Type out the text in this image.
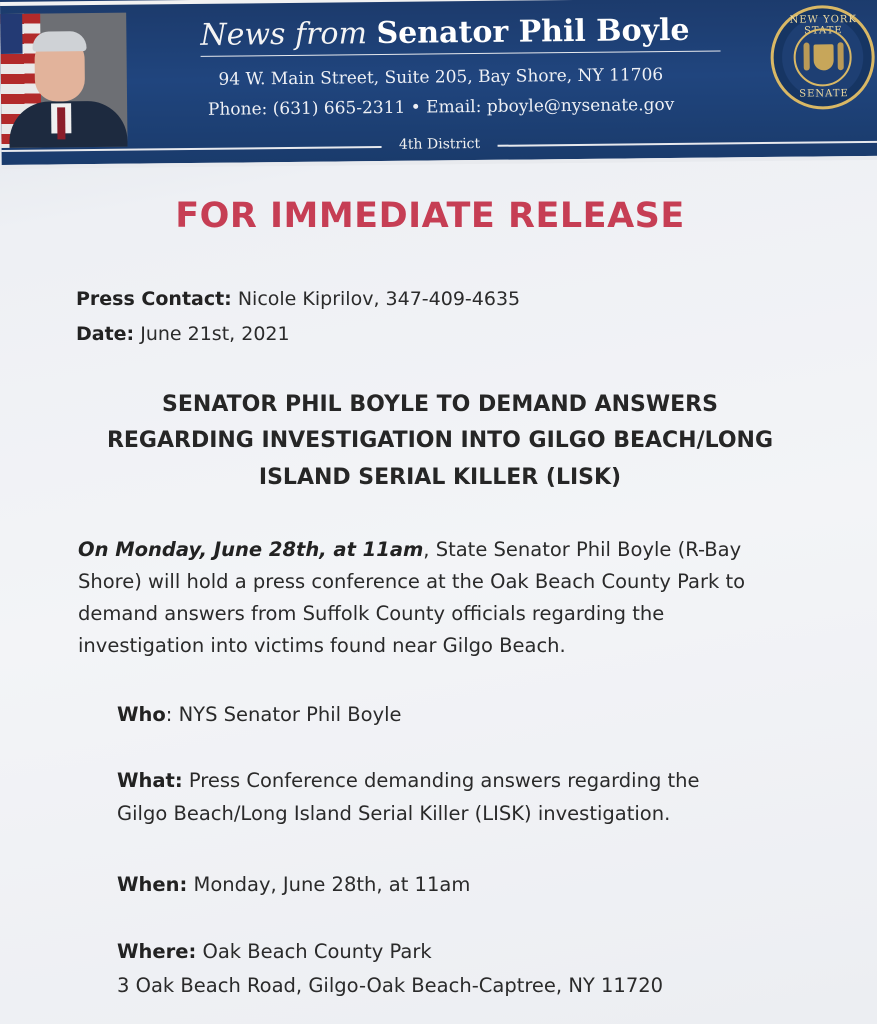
News from Senator Phil Boyle
94 W. Main Street, Suite 205, Bay Shore, NY 11706
Phone: (631) 665-2311 • Email: pboyle@nysenate.gov
4th District
NEW YORK STATE
SENATE
FOR IMMEDIATE RELEASE
Press Contact: Nicole Kiprilov, 347-409-4635
Date: June 21st, 2021
SENATOR PHIL BOYLE TO DEMAND ANSWERS
REGARDING INVESTIGATION INTO GILGO BEACH/LONG
ISLAND SERIAL KILLER (LISK)
On Monday, June 28th, at 11am, State Senator Phil Boyle (R-Bay
Shore) will hold a press conference at the Oak Beach County Park to
demand answers from Suffolk County officials regarding the
investigation into victims found near Gilgo Beach.
Who: NYS Senator Phil Boyle
What: Press Conference demanding answers regarding the
Gilgo Beach/Long Island Serial Killer (LISK) investigation.
When: Monday, June 28th, at 11am
Where: Oak Beach County Park
3 Oak Beach Road, Gilgo-Oak Beach-Captree, NY 11720
